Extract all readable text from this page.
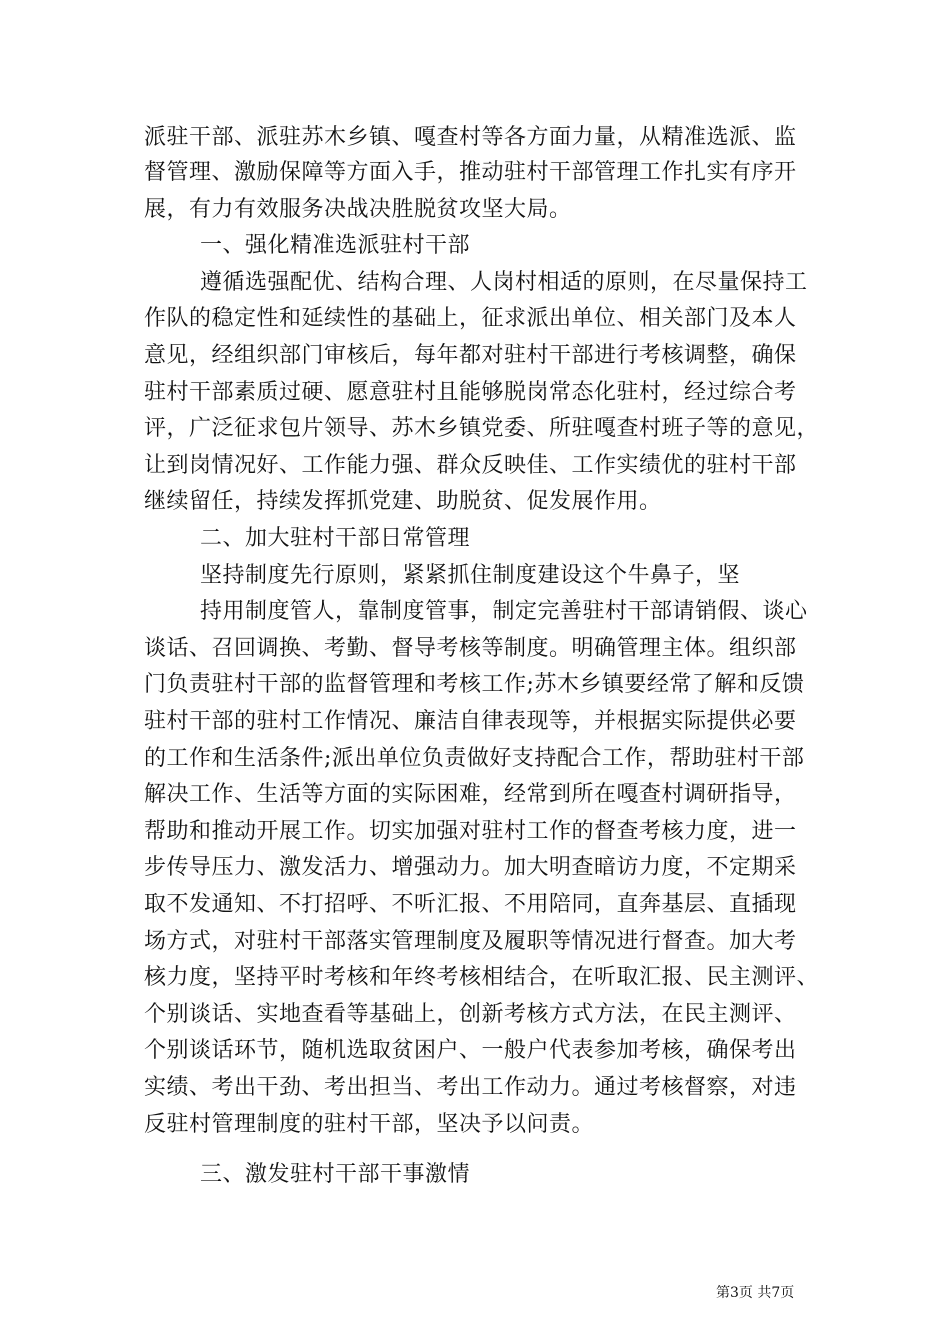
派驻干部、派驻苏木乡镇、嘎查村等各方面力量，从精准选派、监
督管理、激励保障等方面入手，推动驻村干部管理工作扎实有序开
展，有力有效服务决战决胜脱贫攻坚大局。
一、强化精准选派驻村干部
遵循选强配优、结构合理、人岗村相适的原则，在尽量保持工
作队的稳定性和延续性的基础上，征求派出单位、相关部门及本人
意见，经组织部门审核后，每年都对驻村干部进行考核调整，确保
驻村干部素质过硬、愿意驻村且能够脱岗常态化驻村，经过综合考
评，广泛征求包片领导、苏木乡镇党委、所驻嘎查村班子等的意见，
让到岗情况好、工作能力强、群众反映佳、工作实绩优的驻村干部
继续留任，持续发挥抓党建、助脱贫、促发展作用。
二、加大驻村干部日常管理
坚持制度先行原则，紧紧抓住制度建设这个牛鼻子，坚
持用制度管人，靠制度管事，制定完善驻村干部请销假、谈心
谈话、召回调换、考勤、督导考核等制度。明确管理主体。组织部
门负责驻村干部的监督管理和考核工作;苏木乡镇要经常了解和反馈
驻村干部的驻村工作情况、廉洁自律表现等，并根据实际提供必要
的工作和生活条件;派出单位负责做好支持配合工作，帮助驻村干部
解决工作、生活等方面的实际困难，经常到所在嘎查村调研指导，
帮助和推动开展工作。切实加强对驻村工作的督查考核力度，进一
步传导压力、激发活力、增强动力。加大明查暗访力度，不定期采
取不发通知、不打招呼、不听汇报、不用陪同，直奔基层、直插现
场方式，对驻村干部落实管理制度及履职等情况进行督查。加大考
核力度，坚持平时考核和年终考核相结合，在听取汇报、民主测评、
个别谈话、实地查看等基础上，创新考核方式方法，在民主测评、
个别谈话环节，随机选取贫困户、一般户代表参加考核，确保考出
实绩、考出干劲、考出担当、考出工作动力。通过考核督察，对违
反驻村管理制度的驻村干部，坚决予以问责。
三、激发驻村干部干事激情
第3页 共7页
